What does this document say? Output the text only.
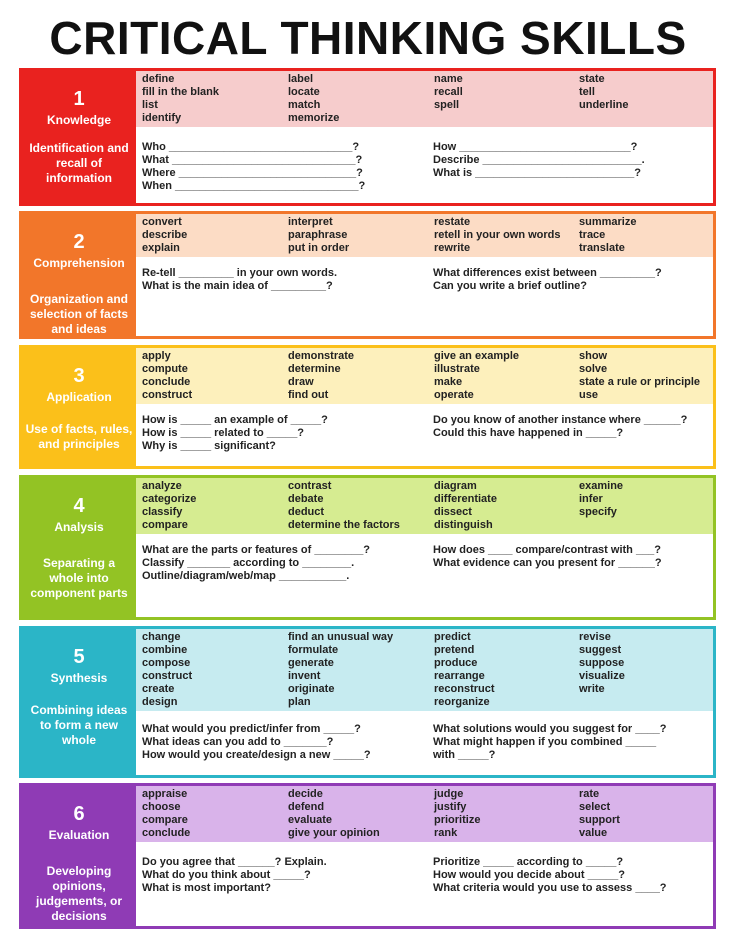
CRITICAL THINKING SKILLS
1
Knowledge
Identification and recall of information
define
fill in the blank
list
identify
label
locate
match
memorize
name
recall
spell
state
tell
underline
Who ______________________________?
What ______________________________?
Where _____________________________?
When ______________________________?
How ____________________________?
Describe __________________________.
What is __________________________?
2
Comprehension
Organization and selection of facts and ideas
convert
describe
explain
interpret
paraphrase
put in order
restate
retell in your own words
rewrite
summarize
trace
translate
Re-tell _________ in your own words.
What is the main idea of _________?
What differences exist between _________?
Can you write a brief outline?
3
Application
Use of facts, rules, and principles
apply
compute
conclude
construct
demonstrate
determine
draw
find out
give an example
illustrate
make
operate
show
solve
state a rule or principle
use
How is _____ an example of _____?
How is _____ related to _____?
Why is _____ significant?
Do you know of another instance where ______?
Could this have happened in _____?
4
Analysis
Separating a whole into component parts
analyze
categorize
classify
compare
contrast
debate
deduct
determine the factors
diagram
differentiate
dissect
distinguish
examine
infer
specify
What are the parts or features of ________?
Classify _______ according to ________.
Outline/diagram/web/map ___________.
How does ____ compare/contrast with ___?
What evidence can you present for ______?
5
Synthesis
Combining ideas to form a new whole
change
combine
compose
construct
create
design
find an unusual way
formulate
generate
invent
originate
plan
predict
pretend
produce
rearrange
reconstruct
reorganize
revise
suggest
suppose
visualize
write
What would you predict/infer from _____?
What ideas can you add to _______?
How would you create/design a new _____?
What solutions would you suggest for ____?
What might happen if you combined _____
with _____?
6
Evaluation
Developing opinions, judgements, or decisions
appraise
choose
compare
conclude
decide
defend
evaluate
give your opinion
judge
justify
prioritize
rank
rate
select
support
value
Do you agree that ______? Explain.
What do you think about _____?
What is most important?
Prioritize _____ according to _____?
How would you decide about _____?
What criteria would you use to assess ____?
